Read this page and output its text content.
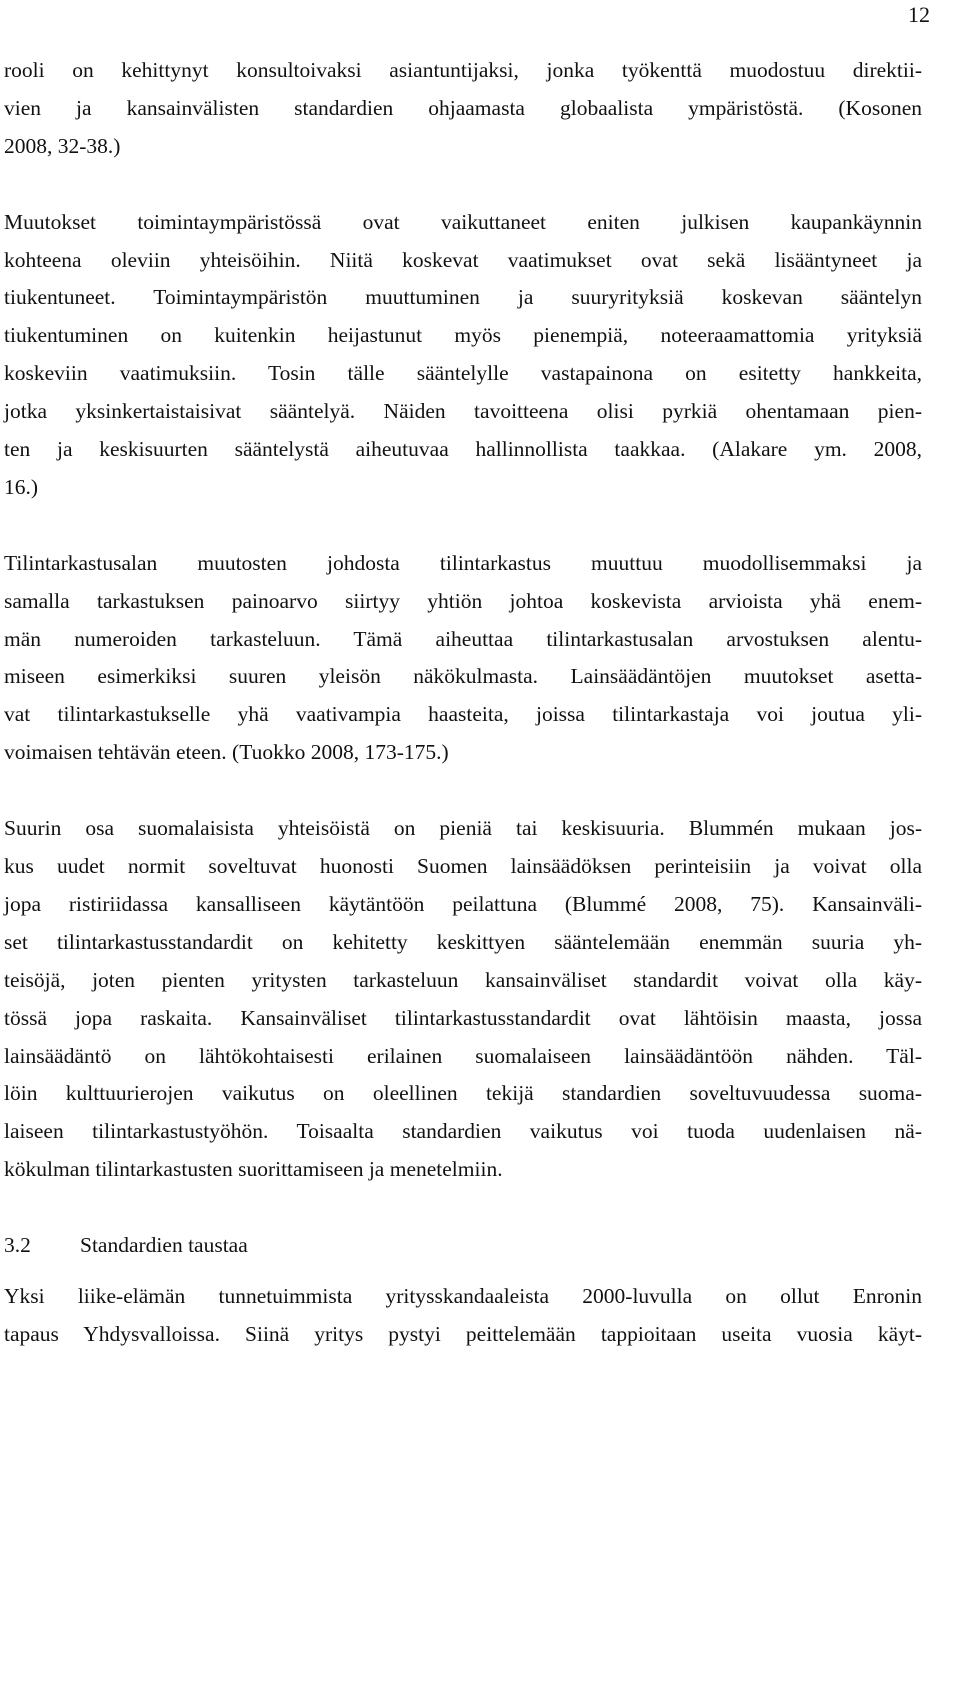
12

rooli on kehittynyt konsultoivaksi asiantuntijaksi, jonka työkenttä muodostuu direktii-
vien ja kansainvälisten standardien ohjaamasta globaalista ympäristöstä. (Kosonen
2008, 32-38.)

Muutokset toimintaympäristössä ovat vaikuttaneet eniten julkisen kaupankäynnin
kohteena oleviin yhteisöihin. Niitä koskevat vaatimukset ovat sekä lisääntyneet ja
tiukentuneet. Toimintaympäristön muuttuminen ja suuryrityksiä koskevan sääntelyn
tiukentuminen on kuitenkin heijastunut myös pienempiä, noteeraamattomia yrityksiä
koskeviin vaatimuksiin. Tosin tälle sääntelylle vastapainona on esitetty hankkeita,
jotka yksinkertaistaisivat sääntelyä. Näiden tavoitteena olisi pyrkiä ohentamaan pien-
ten ja keskisuurten sääntelystä aiheutuvaa hallinnollista taakkaa. (Alakare ym. 2008,
16.)

Tilintarkastusalan muutosten johdosta tilintarkastus muuttuu muodollisemmaksi ja
samalla tarkastuksen painoarvo siirtyy yhtiön johtoa koskevista arvioista yhä enem-
män numeroiden tarkasteluun. Tämä aiheuttaa tilintarkastusalan arvostuksen alentu-
miseen esimerkiksi suuren yleisön näkökulmasta. Lainsäädäntöjen muutokset asetta-
vat tilintarkastukselle yhä vaativampia haasteita, joissa tilintarkastaja voi joutua yli-
voimaisen tehtävän eteen. (Tuokko 2008, 173-175.)

Suurin osa suomalaisista yhteisöistä on pieniä tai keskisuuria. Blummén mukaan jos-
kus uudet normit soveltuvat huonosti Suomen lainsäädöksen perinteisiin ja voivat olla
jopa ristiriidassa kansalliseen käytäntöön peilattuna (Blummé 2008, 75). Kansainväli-
set tilintarkastusstandardit on kehitetty keskittyen sääntelemään enemmän suuria yh-
teisöjä, joten pienten yritysten tarkasteluun kansainväliset standardit voivat olla käy-
tössä jopa raskaita. Kansainväliset tilintarkastusstandardit ovat lähtöisin maasta, jossa
lainsäädäntö on lähtökohtaisesti erilainen suomalaiseen lainsäädäntöön nähden. Täl-
löin kulttuurierojen vaikutus on oleellinen tekijä standardien soveltuvuudessa suoma-
laiseen tilintarkastustyöhön. Toisaalta standardien vaikutus voi tuoda uudenlaisen nä-
kökulman tilintarkastusten suorittamiseen ja menetelmiin.

3.2	Standardien taustaa

Yksi liike-elämän tunnetuimmista yritysskandaaleista 2000-luvulla on ollut Enronin
tapaus Yhdysvalloissa. Siinä yritys pystyi peittelemään tappioitaan useita vuosia käyt-
